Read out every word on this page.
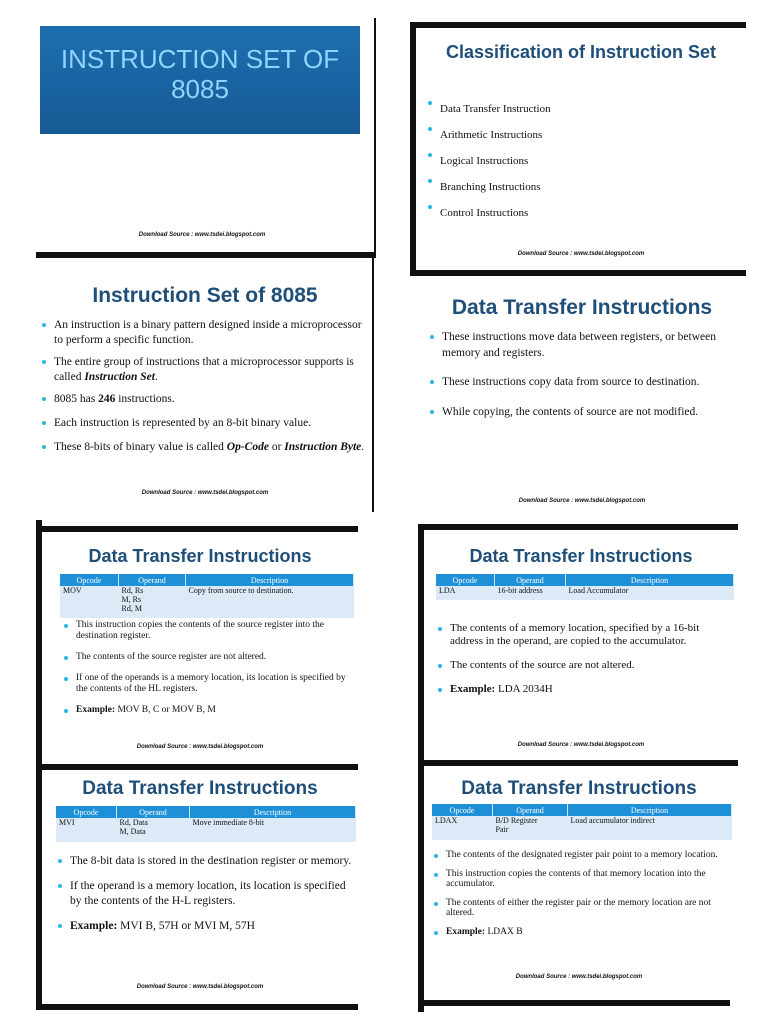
INSTRUCTION SET OF
8085
Download Source : www.tsdei.blogspot.com
Classification of Instruction Set
Data Transfer Instruction
Arithmetic Instructions
Logical Instructions
Branching Instructions
Control Instructions
Download Source : www.tsdei.blogspot.com
Instruction Set of 8085
An instruction is a binary pattern designed inside a microprocessor to perform a specific function.
The entire group of instructions that a microprocessor supports is called Instruction Set.
8085 has 246 instructions.
Each instruction is represented by an 8-bit binary value.
These 8-bits of binary value is called Op-Code or Instruction Byte.
Download Source : www.tsdei.blogspot.com
Data Transfer Instructions
These instructions move data between registers, or between memory and registers.
These instructions copy data from source to destination.
While copying, the contents of source are not modified.
Download Source : www.tsdei.blogspot.com
Data Transfer Instructions
Opcode	Operand	Description
MOV	Rd, Rs
M, Rs
Rd, M	Copy from source to destination.
This instruction copies the contents of the source register into the destination register.
The contents of the source register are not altered.
If one of the operands is a memory location, its location is specified by the contents of the HL registers.
Example: MOV B, C or MOV B, M
Download Source : www.tsdei.blogspot.com
Data Transfer Instructions
Opcode	Operand	Description
LDA	16-bit address	Load Accumulator
The contents of a memory location, specified by a 16-bit address in the operand, are copied to the accumulator.
The contents of the source are not altered.
Example: LDA 2034H
Download Source : www.tsdei.blogspot.com
Data Transfer Instructions
Opcode	Operand	Description
MVI	Rd, Data
M, Data	Move immediate 8-bit
The 8-bit data is stored in the destination register or memory.
If the operand is a memory location, its location is specified by the contents of the H-L registers.
Example: MVI B, 57H or MVI M, 57H
Download Source : www.tsdei.blogspot.com
Data Transfer Instructions
Opcode	Operand	Description
LDAX	B/D Register
Pair	Load accumulator indirect
The contents of the designated register pair point to a memory location.
This instruction copies the contents of that memory location into the accumulator.
The contents of either the register pair or the memory location are not altered.
Example: LDAX B
Download Source : www.tsdei.blogspot.com
